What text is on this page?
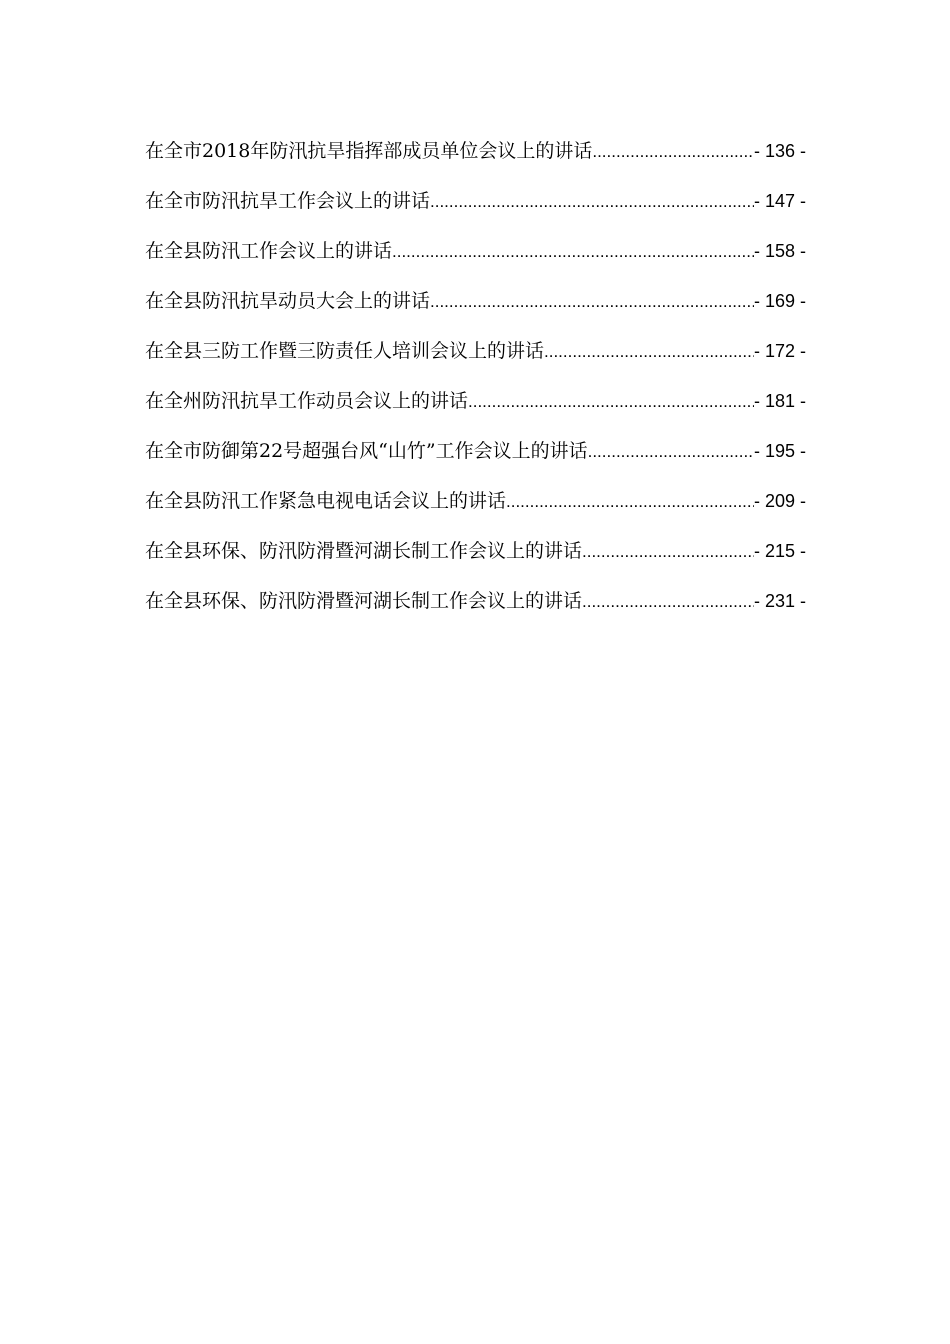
在全市2018年防汛抗旱指挥部成员单位会议上的讲话 .....	- 136 -
在全市防汛抗旱工作会议上的讲话 .....	- 147 -
在全县防汛工作会议上的讲话 .....	- 158 -
在全县防汛抗旱动员大会上的讲话 .....	- 169 -
在全县三防工作暨三防责任人培训会议上的讲话 .....	- 172 -
在全州防汛抗旱工作动员会议上的讲话 .....	- 181 -
在全市防御第22号超强台风“山竹”工作会议上的讲话 .....	- 195 -
在全县防汛工作紧急电视电话会议上的讲话 .....	- 209 -
在全县环保、防汛防滑暨河湖长制工作会议上的讲话 .....	- 215 -
在全县环保、防汛防滑暨河湖长制工作会议上的讲话 .....	- 231 -
